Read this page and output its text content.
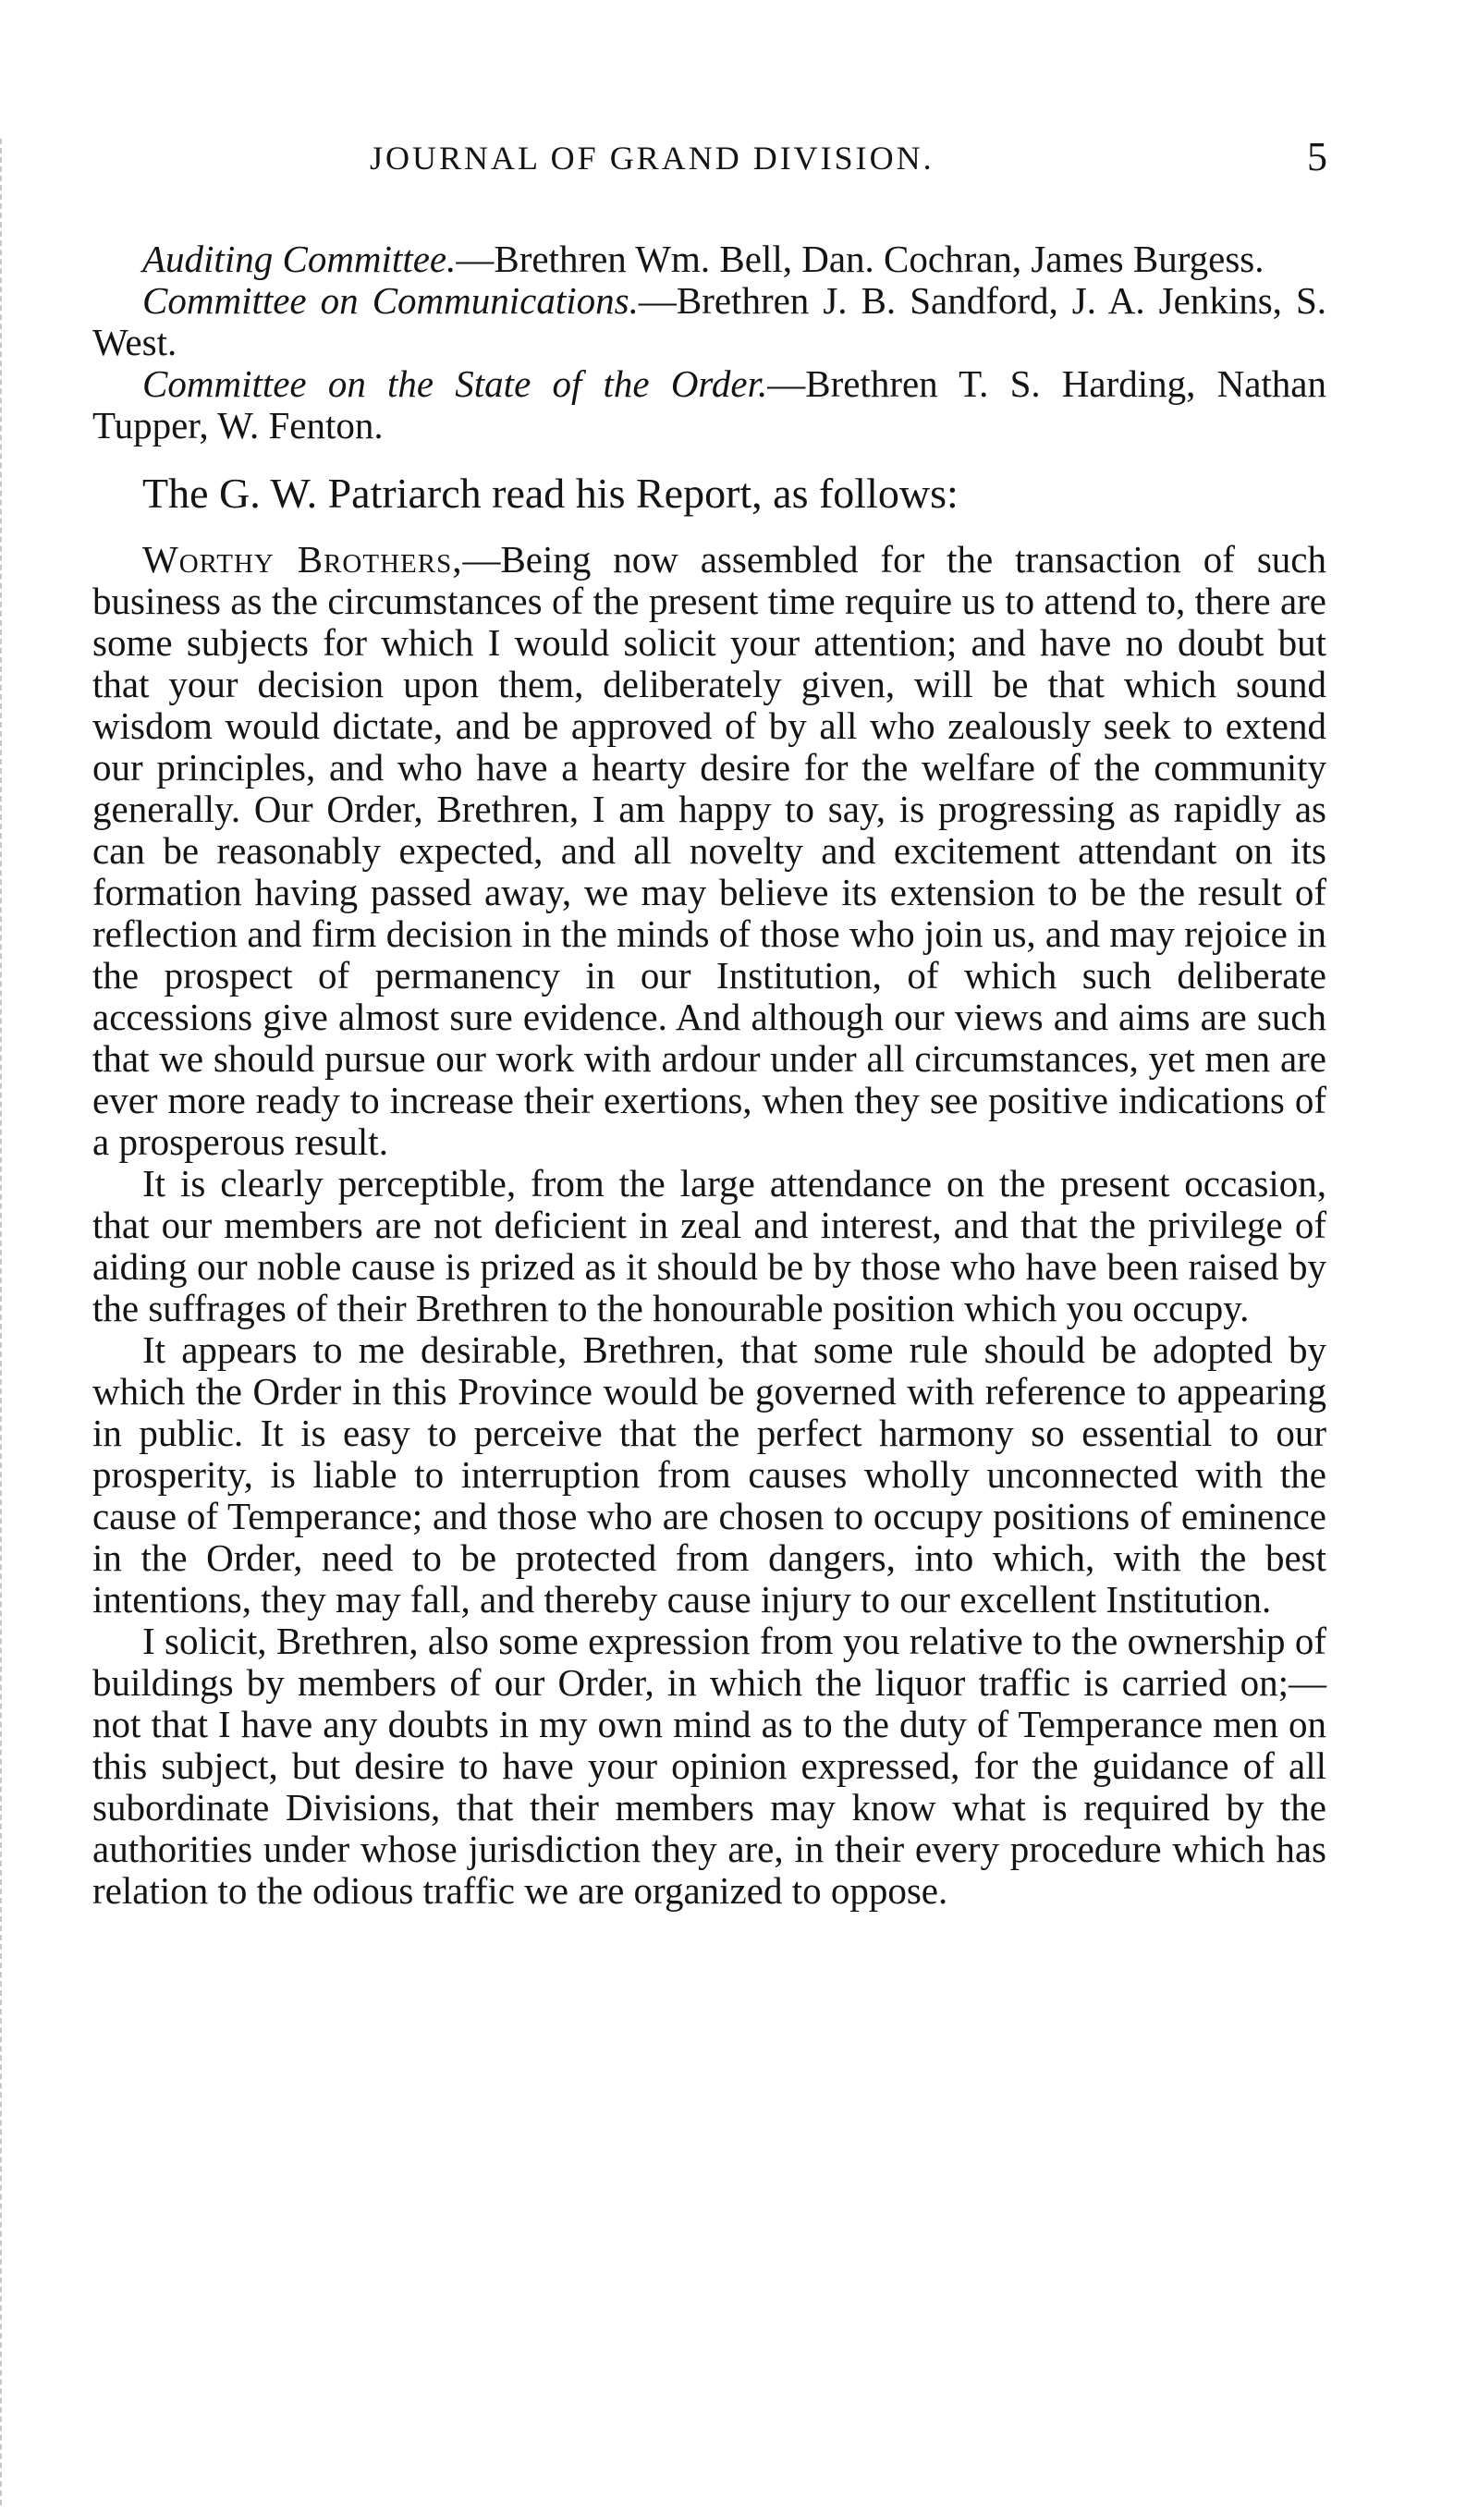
JOURNAL OF GRAND DIVISION.	5

Auditing Committee.—Brethren Wm. Bell, Dan. Cochran, James Burgess.

Committee on Communications.—Brethren J. B. Sandford, J. A. Jenkins, S. West.

Committee on the State of the Order.—Brethren T. S. Harding, Nathan Tupper, W. Fenton.

The G. W. Patriarch read his Report, as follows:

Worthy Brothers,—Being now assembled for the transaction of such business as the circumstances of the present time require us to attend to, there are some subjects for which I would solicit your attention; and have no doubt but that your decision upon them, deliberately given, will be that which sound wisdom would dictate, and be approved of by all who zealously seek to extend our principles, and who have a hearty desire for the welfare of the community generally. Our Order, Brethren, I am happy to say, is progressing as rapidly as can be reasonably expected, and all novelty and excitement attendant on its formation having passed away, we may believe its extension to be the result of reflection and firm decision in the minds of those who join us, and may rejoice in the prospect of permanency in our Institution, of which such deliberate accessions give almost sure evidence. And although our views and aims are such that we should pursue our work with ardour under all circumstances, yet men are ever more ready to increase their exertions, when they see positive indications of a prosperous result.

It is clearly perceptible, from the large attendance on the present occasion, that our members are not deficient in zeal and interest, and that the privilege of aiding our noble cause is prized as it should be by those who have been raised by the suffrages of their Brethren to the honourable position which you occupy.

It appears to me desirable, Brethren, that some rule should be adopted by which the Order in this Province would be governed with reference to appearing in public. It is easy to perceive that the perfect harmony so essential to our prosperity, is liable to interruption from causes wholly unconnected with the cause of Temperance; and those who are chosen to occupy positions of eminence in the Order, need to be protected from dangers, into which, with the best intentions, they may fall, and thereby cause injury to our excellent Institution.

I solicit, Brethren, also some expression from you relative to the ownership of buildings by members of our Order, in which the liquor traffic is carried on;—not that I have any doubts in my own mind as to the duty of Temperance men on this subject, but desire to have your opinion expressed, for the guidance of all subordinate Divisions, that their members may know what is required by the authorities under whose jurisdiction they are, in their every procedure which has relation to the odious traffic we are organized to oppose.
